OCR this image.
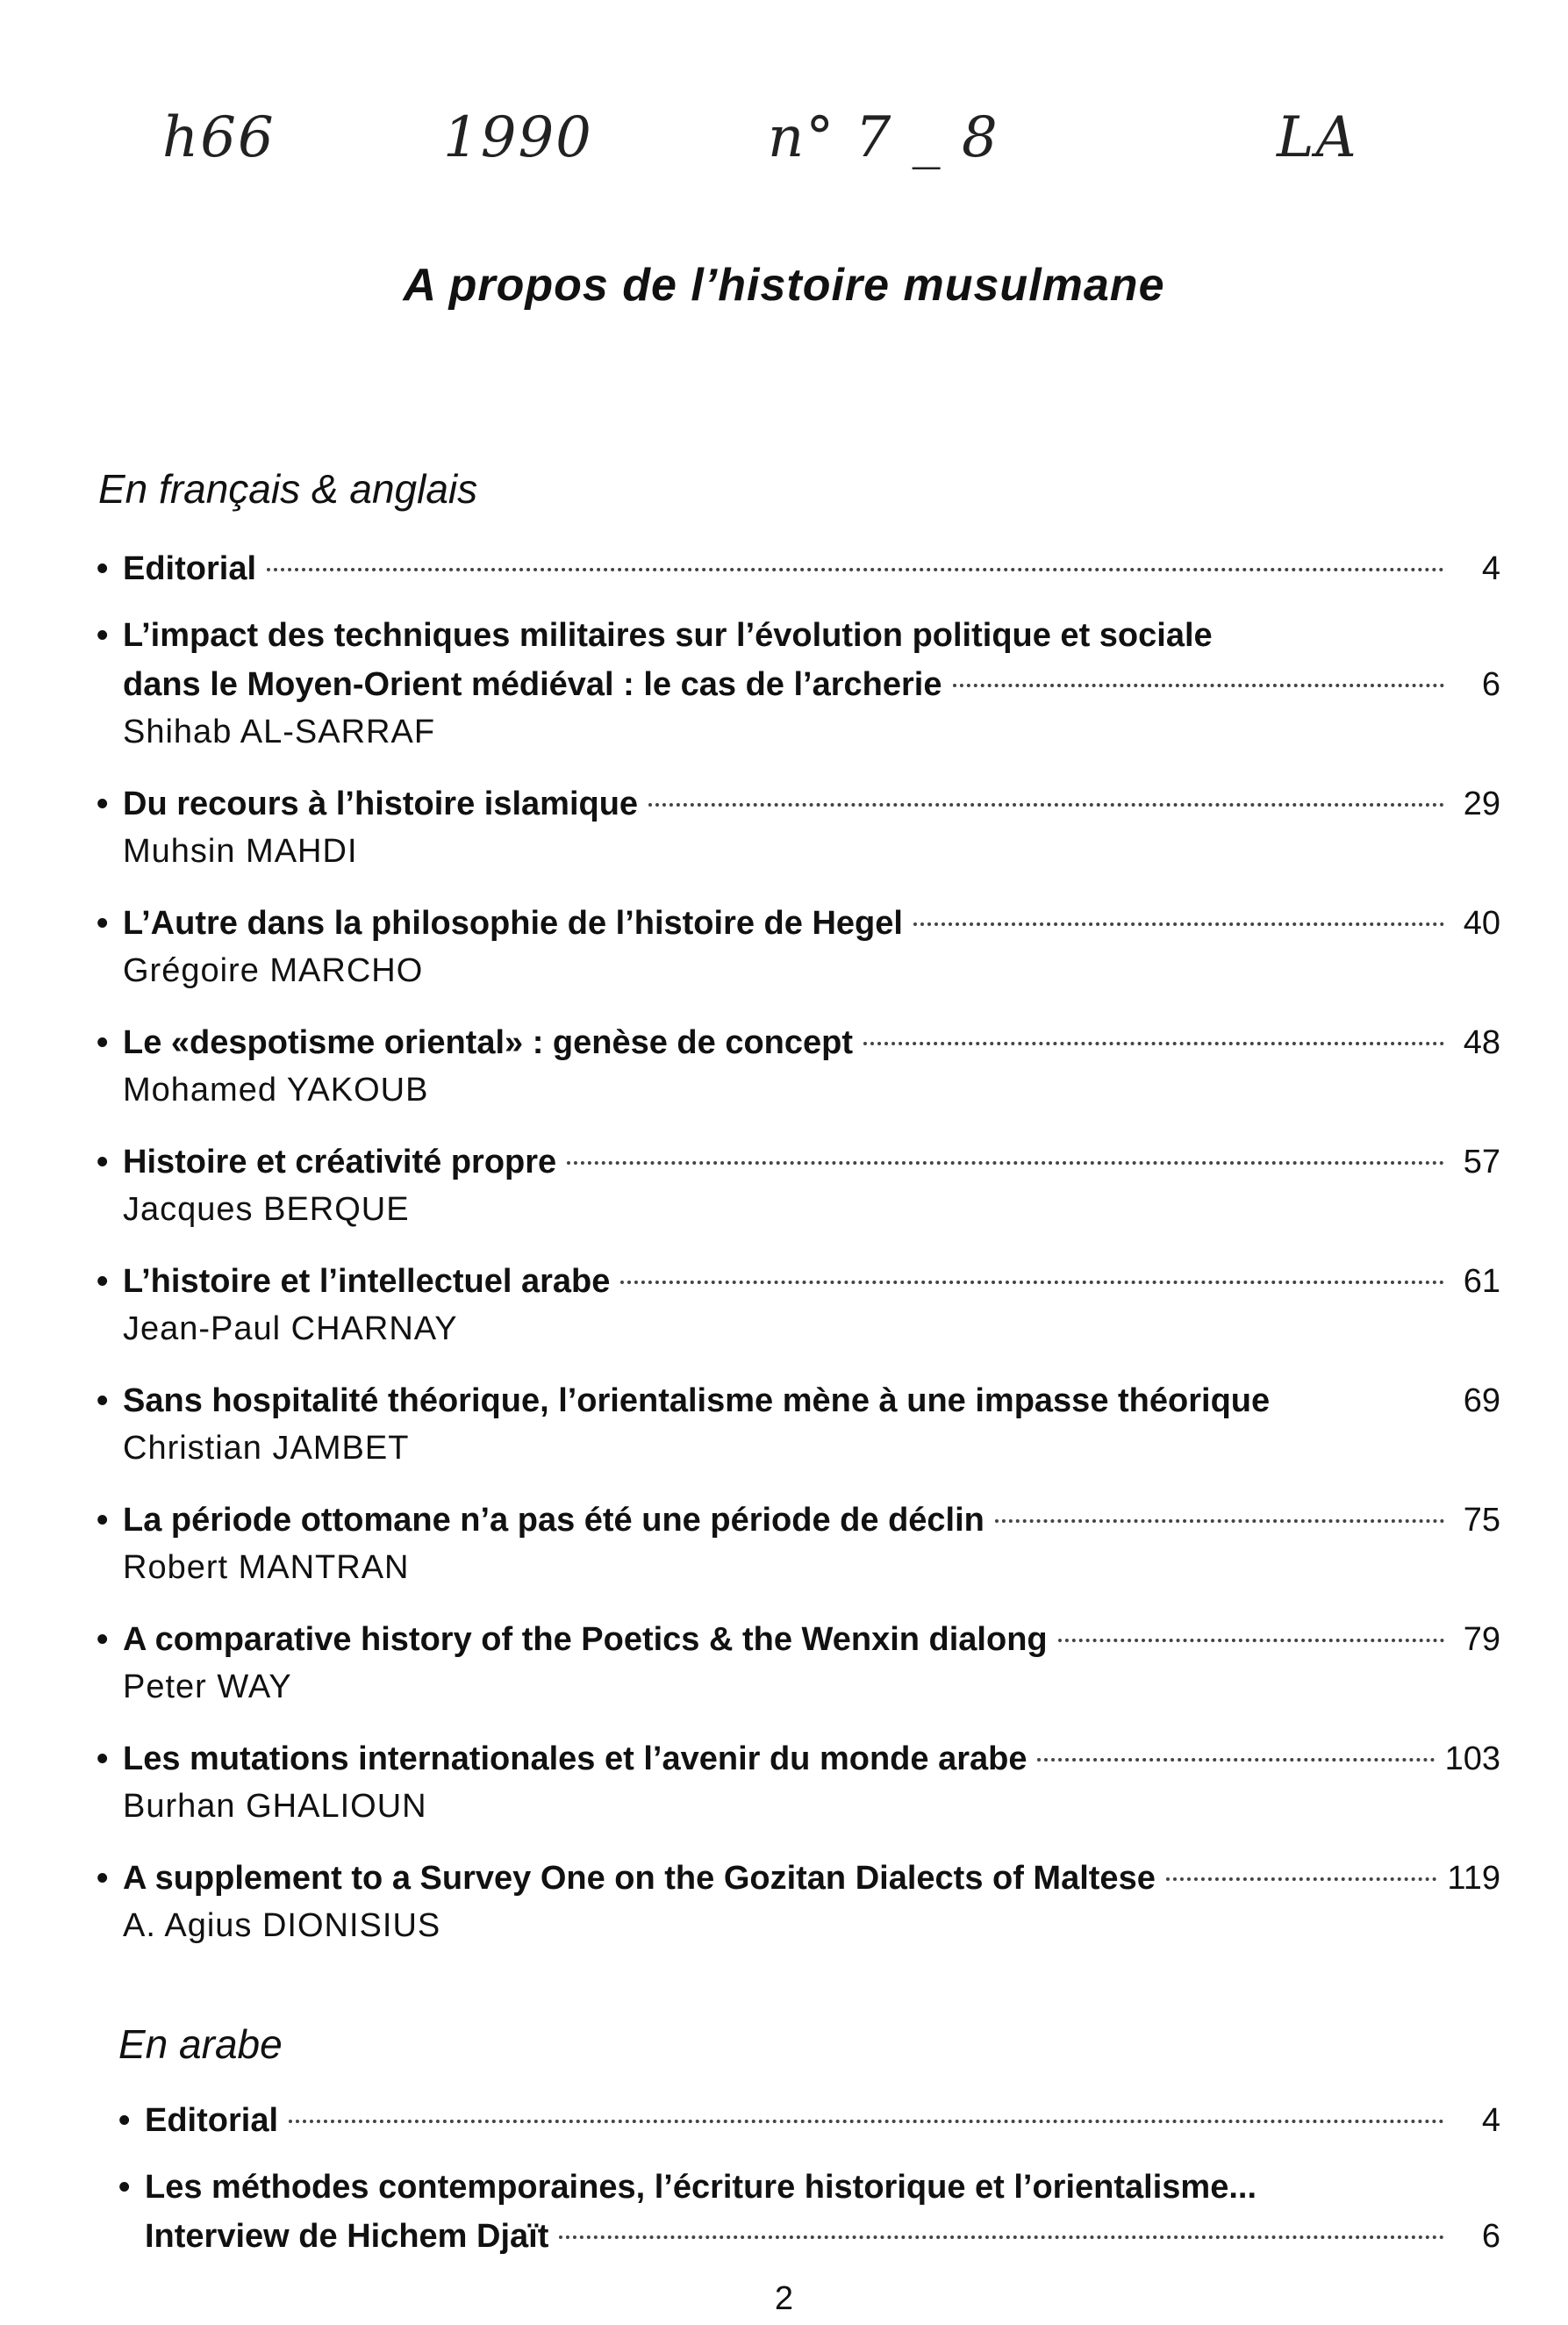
h66	1990	n° 7 _ 8	LA
A propos de l’histoire musulmane
En français & anglais
• Editorial	4
• L’impact des techniques militaires sur l’évolution politique et sociale
dans le Moyen-Orient médiéval : le cas de l’archerie	6
Shihab AL-SARRAF
• Du recours à l’histoire islamique	29
Muhsin MAHDI
• L’Autre dans la philosophie de l’histoire de Hegel	40
Grégoire MARCHO
• Le «despotisme oriental» : genèse de concept	48
Mohamed YAKOUB
• Histoire et créativité propre	57
Jacques BERQUE
• L’histoire et l’intellectuel arabe	61
Jean-Paul CHARNAY
• Sans hospitalité théorique, l’orientalisme mène à une impasse théorique	69
Christian JAMBET
• La période ottomane n’a pas été une période de déclin	75
Robert MANTRAN
• A comparative history of the Poetics & the Wenxin dialong	79
Peter WAY
• Les mutations internationales et l’avenir du monde arabe	103
Burhan GHALIOUN
• A supplement to a Survey One on the Gozitan Dialects of Maltese	119
A. Agius DIONISIUS
En arabe
• Editorial	4
• Les méthodes contemporaines, l’écriture historique et l’orientalisme...
Interview de Hichem Djaït	6
2
